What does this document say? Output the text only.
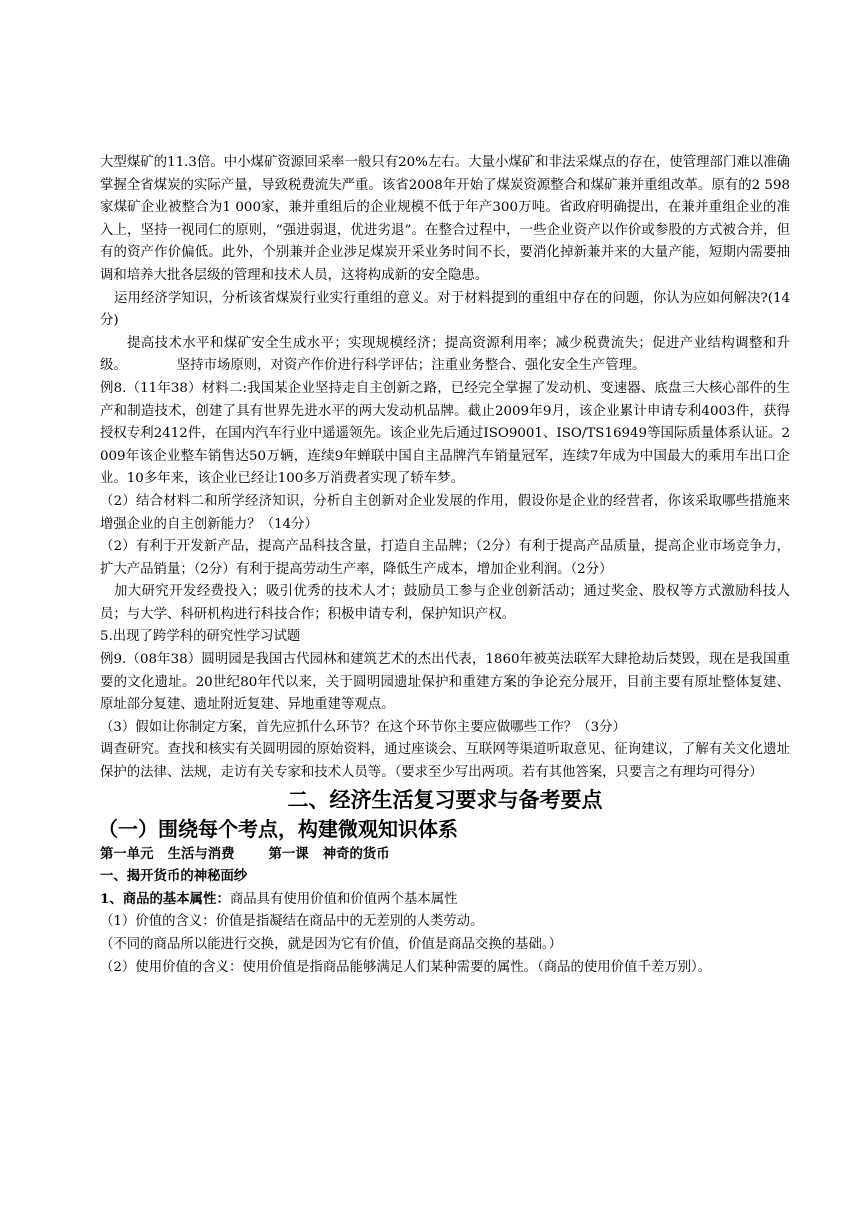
大型煤矿的11.3倍。中小煤矿资源回采率一般只有20%左右。大量小煤矿和非法采煤点的存在，使管理部门难以准确掌握全省煤炭的实际产量，导致税费流失严重。该省2008年开始了煤炭资源整合和煤矿兼并重组改革。原有的2 598家煤矿企业被整合为1 000家，兼并重组后的企业规模不低于年产300万吨。省政府明确提出，在兼并重组企业的准入上，坚持一视同仁的原则，“强进弱退，优进劣退”。在整合过程中，一些企业资产以作价或参股的方式被合并，但有的资产作价偏低。此外，个别兼并企业涉足煤炭开采业务时间不长，要消化掉新兼并来的大量产能，短期内需要抽调和培养大批各层级的管理和技术人员，这将构成新的安全隐患。

运用经济学知识，分析该省煤炭行业实行重组的意义。对于材料提到的重组中存在的问题，你认为应如何解决?(14分)

提高技术水平和煤矿安全生成水平；实现规模经济；提高资源利用率；减少税费流失；促进产业结构调整和升级。	坚持市场原则，对资产作价进行科学评估；注重业务整合、强化安全生产管理。

例8.（11年38）材料二:我国某企业坚持走自主创新之路，已经完全掌握了发动机、变速器、底盘三大核心部件的生产和制造技术，创建了具有世界先进水平的两大发动机品牌。截止2009年9月，该企业累计申请专利4003件，获得授权专利2412件，在国内汽车行业中遥遥领先。该企业先后通过ISO9001、ISO/TS16949等国际质量体系认证。2009年该企业整车销售达50万辆，连续9年蝉联中国自主品牌汽车销量冠军，连续7年成为中国最大的乘用车出口企业。10多年来，该企业已经让100多万消费者实现了轿车梦。

（2）结合材料二和所学经济知识，分析自主创新对企业发展的作用，假设你是企业的经营者，你该采取哪些措施来增强企业的自主创新能力？（14分）

（2）有利于开发新产品，提高产品科技含量，打造自主品牌；（2分）有利于提高产品质量，提高企业市场竞争力，扩大产品销量；（2分）有利于提高劳动生产率，降低生产成本，增加企业利润。（2分）

加大研究开发经费投入；吸引优秀的技术人才；鼓励员工参与企业创新活动；通过奖金、股权等方式激励科技人员；与大学、科研机构进行科技合作；积极申请专利，保护知识产权。

5.出现了跨学科的研究性学习试题

例9.（08年38）圆明园是我国古代园林和建筑艺术的杰出代表，1860年被英法联军大肆抢劫后焚毁，现在是我国重要的文化遗址。20世纪80年代以来，关于圆明园遗址保护和重建方案的争论充分展开，目前主要有原址整体复建、原址部分复建、遗址附近复建、异地重建等观点。

（3）假如让你制定方案，首先应抓什么环节？在这个环节你主要应做哪些工作？（3分）

调查研究。查找和核实有关圆明园的原始资料，通过座谈会、互联网等渠道听取意见、征询建议，了解有关文化遗址保护的法律、法规，走访有关专家和技术人员等。（要求至少写出两项。若有其他答案，只要言之有理均可得分）

二、经济生活复习要求与备考要点
（一）围绕每个考点，构建微观知识体系

第一单元 生活与消费	第一课 神奇的货币

一、揭开货币的神秘面纱

1、商品的基本属性：商品具有使用价值和价值两个基本属性

（1）价值的含义：价值是指凝结在商品中的无差别的人类劳动。

（不同的商品所以能进行交换，就是因为它有价值，价值是商品交换的基础。）

（2）使用价值的含义：使用价值是指商品能够满足人们某种需要的属性。（商品的使用价值千差万别）。
